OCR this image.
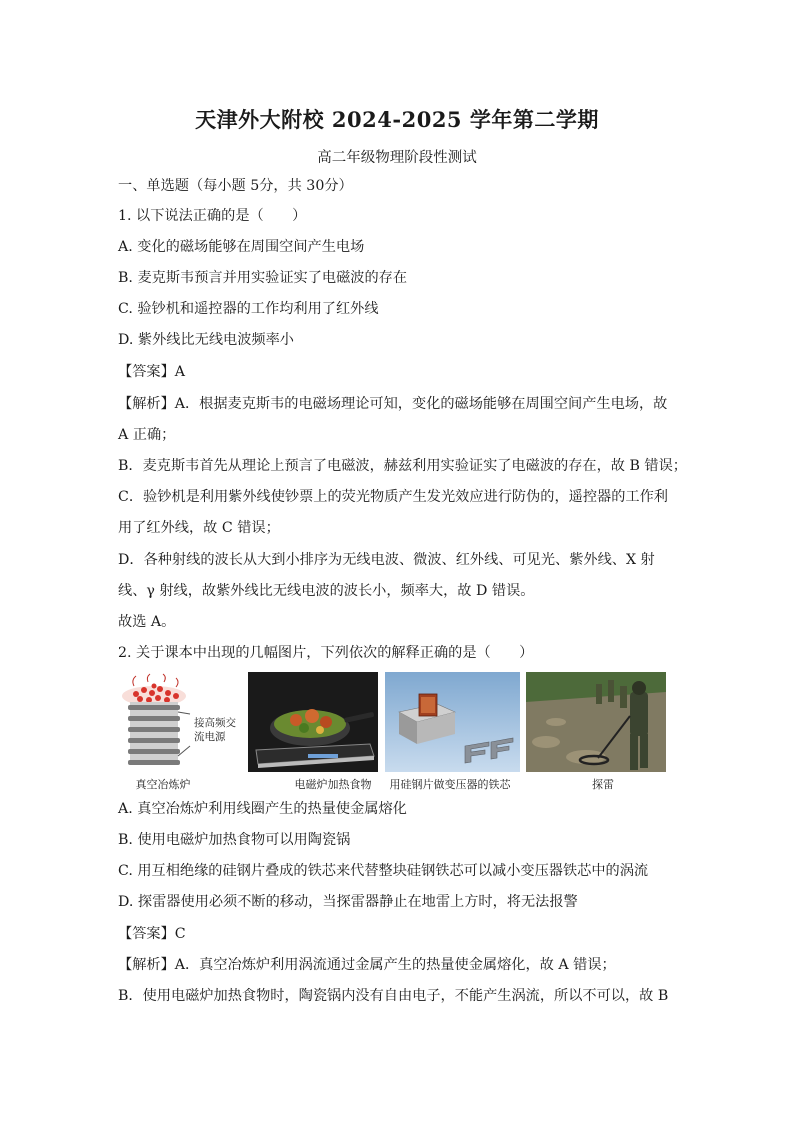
天津外大附校 2024-2025 学年第二学期
高二年级物理阶段性测试
一、单选题（每小题 5分，共 30分）
1. 以下说法正确的是（　　）
A. 变化的磁场能够在周围空间产生电场
B. 麦克斯韦预言并用实验证实了电磁波的存在
C. 验钞机和遥控器的工作均利用了红外线
D. 紫外线比无线电波频率小
【答案】A
【解析】A．根据麦克斯韦的电磁场理论可知，变化的磁场能够在周围空间产生电场，故
A 正确；
B．麦克斯韦首先从理论上预言了电磁波，赫兹利用实验证实了电磁波的存在，故 B 错误；
C．验钞机是利用紫外线使钞票上的荧光物质产生发光效应进行防伪的，遥控器的工作利
用了红外线，故 C 错误；
D．各种射线的波长从大到小排序为无线电波、微波、红外线、可见光、紫外线、X 射
线、γ 射线，故紫外线比无线电波的波长小，频率大，故 D 错误。
故选 A。
2. 关于课本中出现的几幅图片，下列依次的解释正确的是（　　）
接高频交
流电源
真空冶炼炉	电磁炉加热食物	用硅钢片做变压器的铁芯	探雷
A. 真空冶炼炉利用线圈产生的热量使金属熔化
B. 使用电磁炉加热食物可以用陶瓷锅
C. 用互相绝缘的硅钢片叠成的铁芯来代替整块硅钢铁芯可以减小变压器铁芯中的涡流
D. 探雷器使用必须不断的移动，当探雷器静止在地雷上方时，将无法报警
【答案】C
【解析】A．真空冶炼炉利用涡流通过金属产生的热量使金属熔化，故 A 错误；
B．使用电磁炉加热食物时，陶瓷锅内没有自由电子，不能产生涡流，所以不可以，故 B
